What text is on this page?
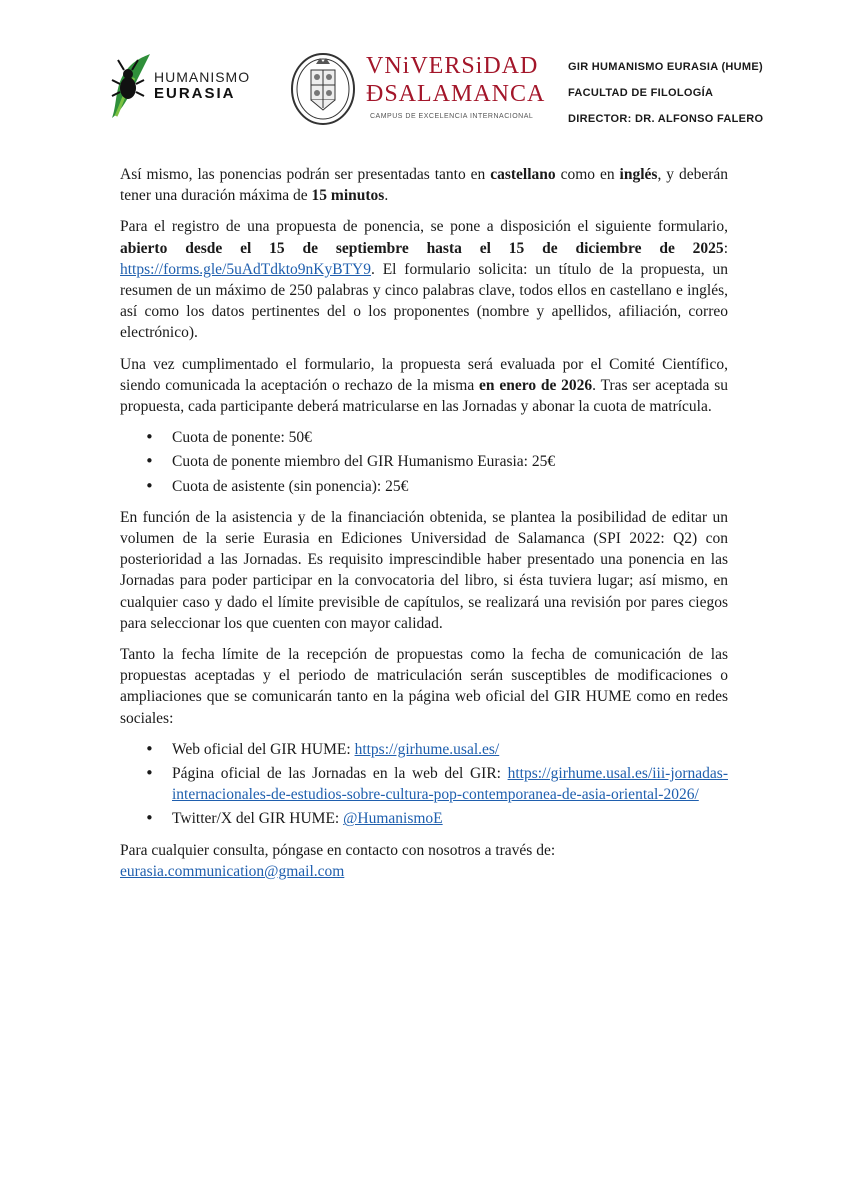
HUMANISMO
EURASIA
VNiVERSiDAD
ÐSALAMANCA
CAMPUS DE EXCELENCIA INTERNACIONAL
GIR HUMANISMO EURASIA (HUME)
FACULTAD DE FILOLOGÍA
DIRECTOR: DR. ALFONSO FALERO

Así mismo, las ponencias podrán ser presentadas tanto en castellano como en inglés, y deberán tener una duración máxima de 15 minutos.

Para el registro de una propuesta de ponencia, se pone a disposición el siguiente formulario, abierto desde el 15 de septiembre hasta el 15 de diciembre de 2025: https://forms.gle/5uAdTdkto9nKyBTY9. El formulario solicita: un título de la propuesta, un resumen de un máximo de 250 palabras y cinco palabras clave, todos ellos en castellano e inglés, así como los datos pertinentes del o los proponentes (nombre y apellidos, afiliación, correo electrónico).

Una vez cumplimentado el formulario, la propuesta será evaluada por el Comité Científico, siendo comunicada la aceptación o rechazo de la misma en enero de 2026. Tras ser aceptada su propuesta, cada participante deberá matricularse en las Jornadas y abonar la cuota de matrícula.

• Cuota de ponente: 50€
• Cuota de ponente miembro del GIR Humanismo Eurasia: 25€
• Cuota de asistente (sin ponencia): 25€

En función de la asistencia y de la financiación obtenida, se plantea la posibilidad de editar un volumen de la serie Eurasia en Ediciones Universidad de Salamanca (SPI 2022: Q2) con posterioridad a las Jornadas. Es requisito imprescindible haber presentado una ponencia en las Jornadas para poder participar en la convocatoria del libro, si ésta tuviera lugar; así mismo, en cualquier caso y dado el límite previsible de capítulos, se realizará una revisión por pares ciegos para seleccionar los que cuenten con mayor calidad.

Tanto la fecha límite de la recepción de propuestas como la fecha de comunicación de las propuestas aceptadas y el periodo de matriculación serán susceptibles de modificaciones o ampliaciones que se comunicarán tanto en la página web oficial del GIR HUME como en redes sociales:

• Web oficial del GIR HUME: https://girhume.usal.es/
• Página oficial de las Jornadas en la web del GIR: https://girhume.usal.es/iii-jornadas-internacionales-de-estudios-sobre-cultura-pop-contemporanea-de-asia-oriental-2026/
• Twitter/X del GIR HUME: @HumanismoE

Para cualquier consulta, póngase en contacto con nosotros a través de: eurasia.communication@gmail.com
